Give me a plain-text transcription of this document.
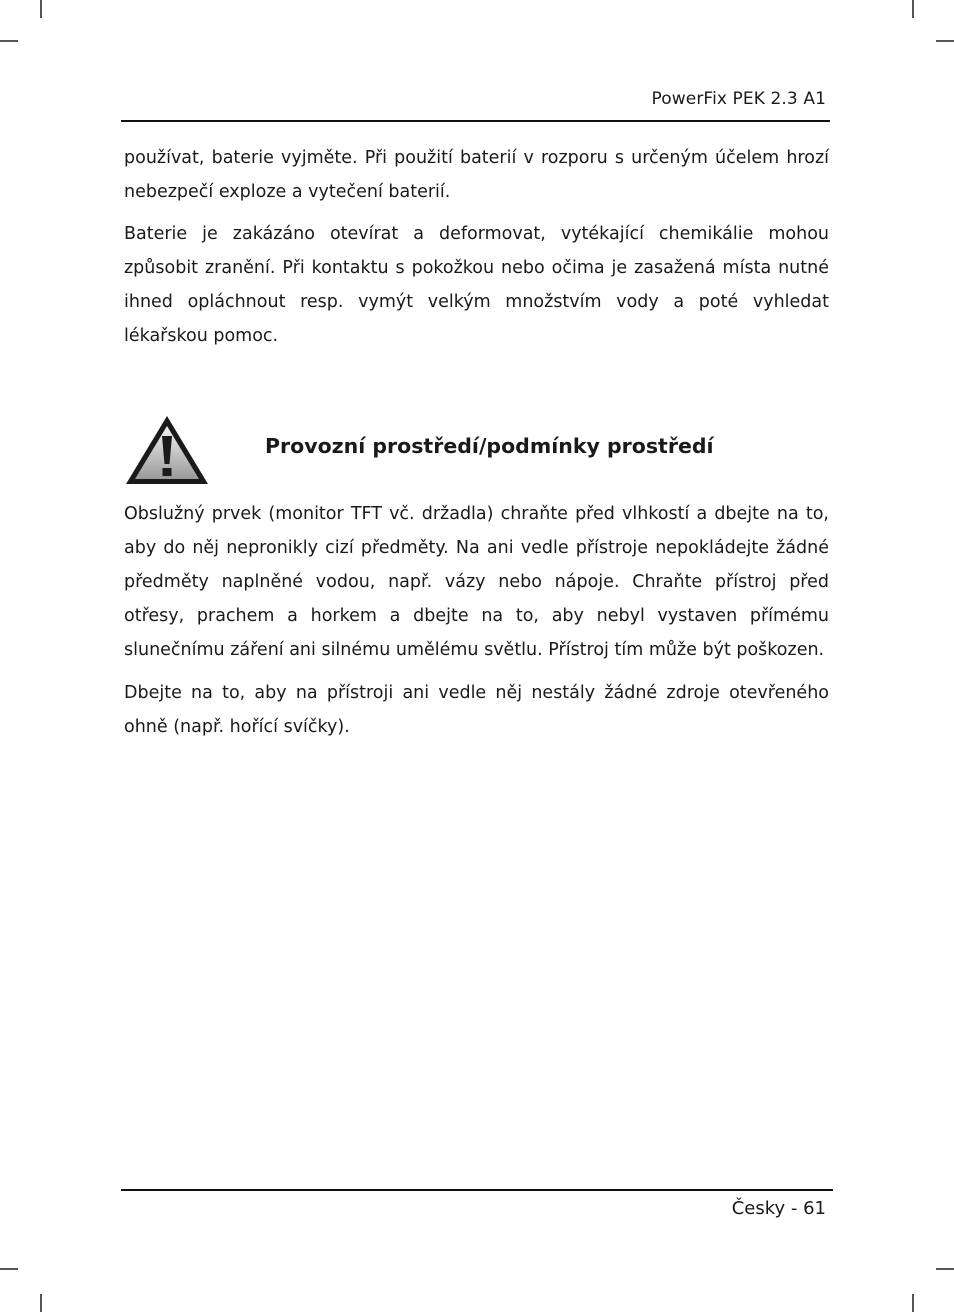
PowerFix PEK 2.3 A1

používat, baterie vyjměte. Při použití baterií v rozporu s určeným účelem hrozí nebezpečí exploze a vytečení baterií.

Baterie je zakázáno otevírat a deformovat, vytékající chemikálie mohou způsobit zranění. Při kontaktu s pokožkou nebo očima je zasažená místa nutné ihned opláchnout resp. vymýt velkým množstvím vody a poté vyhledat lékařskou pomoc.

Provozní prostředí/podmínky prostředí

Obslužný prvek (monitor TFT vč. držadla) chraňte před vlhkostí a dbejte na to, aby do něj nepronikly cizí předměty. Na ani vedle přístroje nepokládejte žádné předměty naplněné vodou, např. vázy nebo nápoje. Chraňte přístroj před otřesy, prachem a horkem a dbejte na to, aby nebyl vystaven přímému slunečnímu záření ani silnému umělému světlu. Přístroj tím může být poškozen.

Dbejte na to, aby na přístroji ani vedle něj nestály žádné zdroje otevřeného ohně (např. hořící svíčky).

Česky - 61
